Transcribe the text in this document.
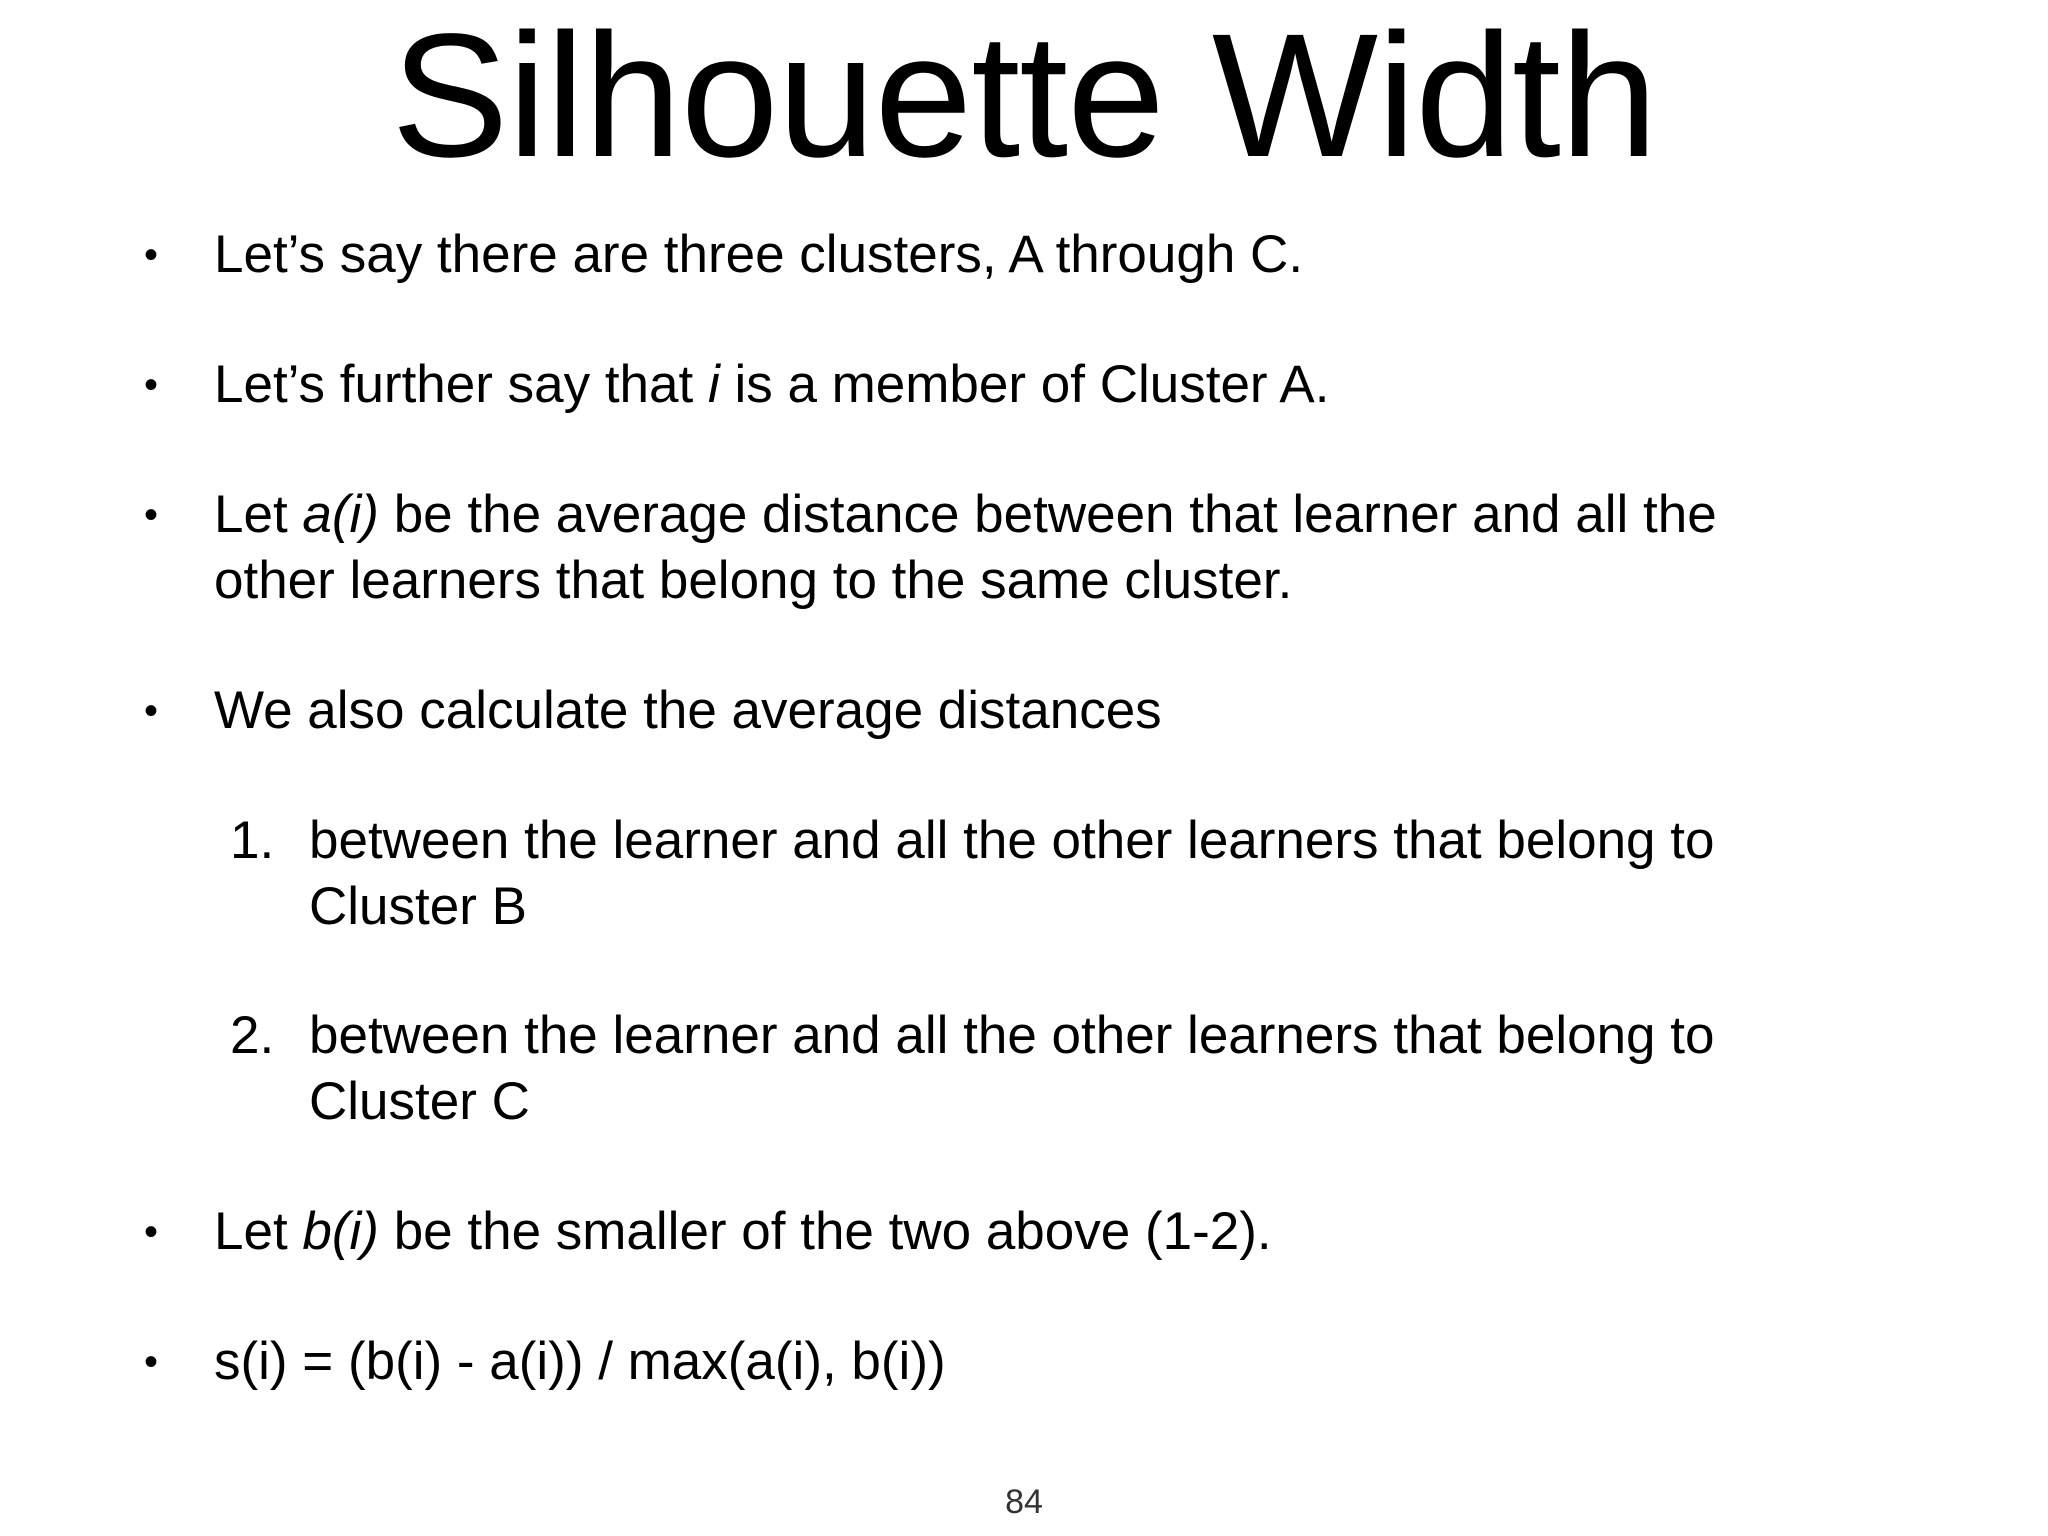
Silhouette Width
• Let’s say there are three clusters, A through C.
• Let’s further say that i is a member of Cluster A.
• Let a(i) be the average distance between that learner and all the
other learners that belong to the same cluster.
• We also calculate the average distances
1. between the learner and all the other learners that belong to
Cluster B
2. between the learner and all the other learners that belong to
Cluster C
• Let b(i) be the smaller of the two above (1-2).
• s(i) = (b(i) - a(i)) / max(a(i), b(i))
84
